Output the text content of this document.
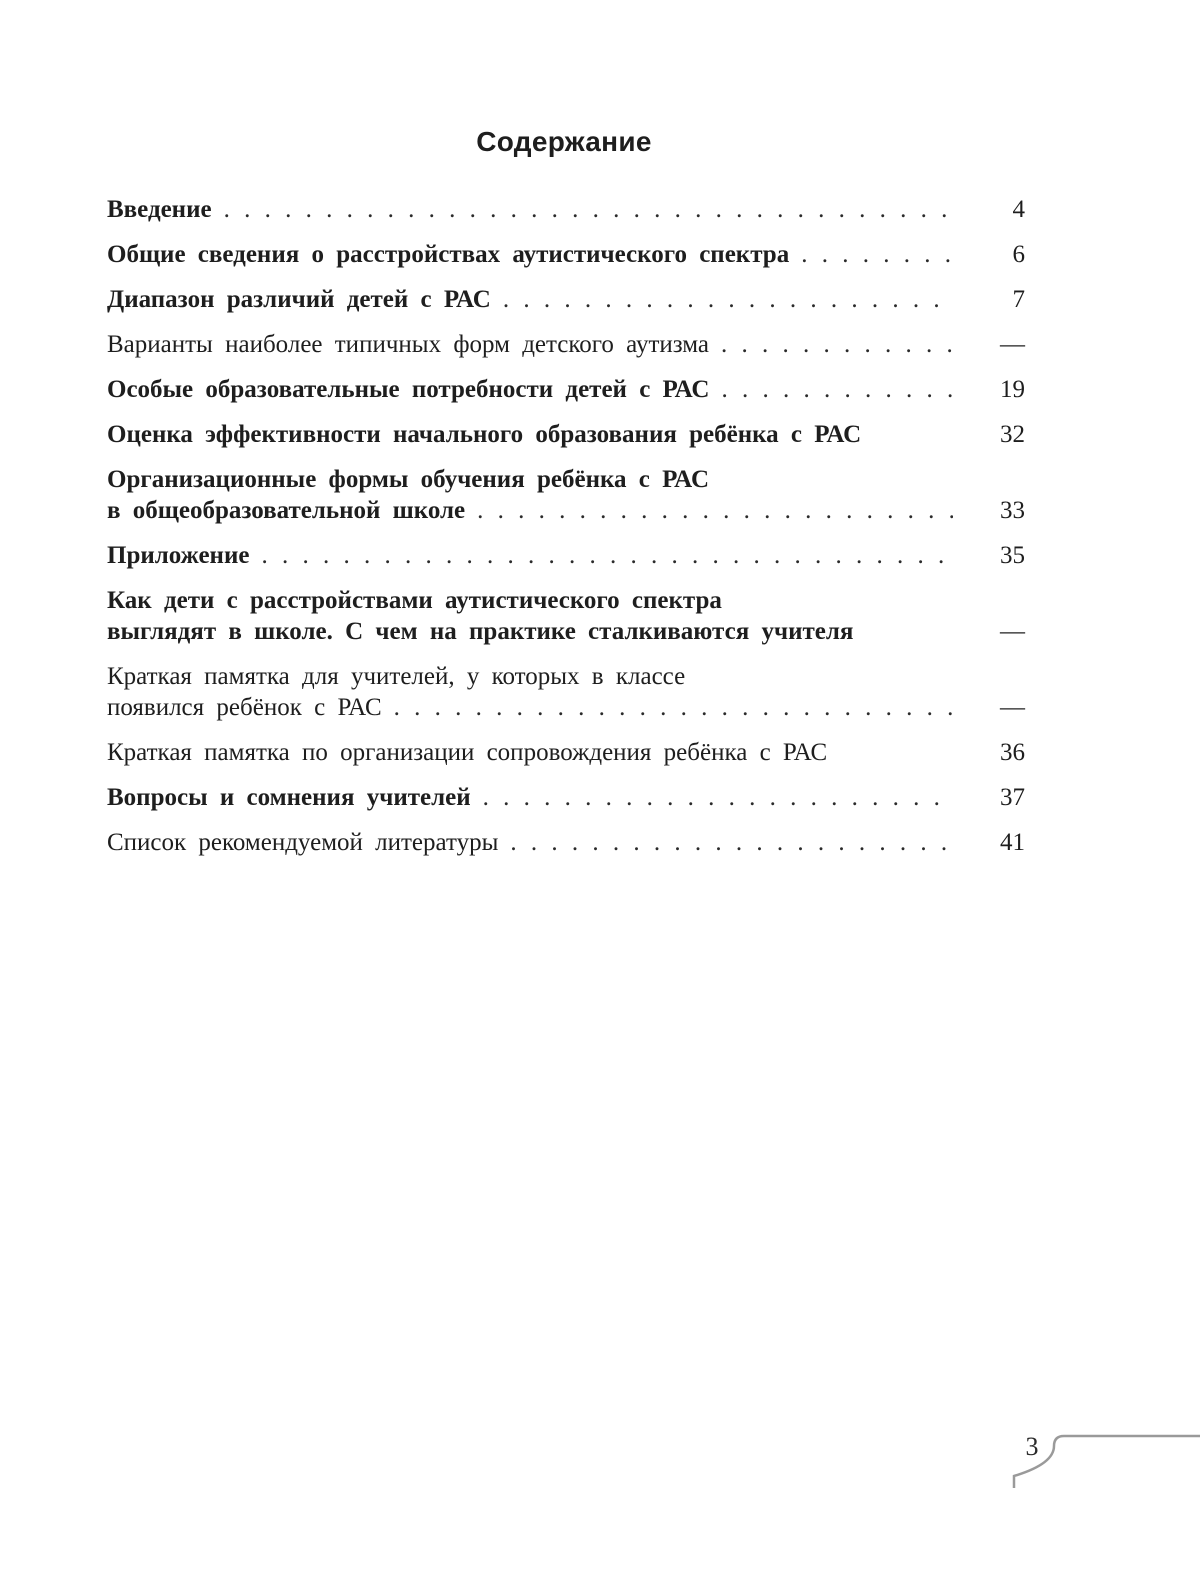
Содержание
Введение . . .	4
Общие сведения о расстройствах аутистического спектра . . .	6
Диапазон различий детей с РАС . . .	7
Варианты наиболее типичных форм детского аутизма . . .	—
Особые образовательные потребности детей с РАС . . .	19
Оценка эффективности начального образования ребёнка с РАС	32
Организационные формы обучения ребёнка с РАС
в общеобразовательной школе . . .	33
Приложение . . .	35
Как дети с расстройствами аутистического спектра
выглядят в школе. С чем на практике сталкиваются учителя	—
Краткая памятка для учителей, у которых в классе
появился ребёнок с РАС . . .	—
Краткая памятка по организации сопровождения ребёнка с РАС	36
Вопросы и сомнения учителей . . .	37
Список рекомендуемой литературы . . .	41
3
